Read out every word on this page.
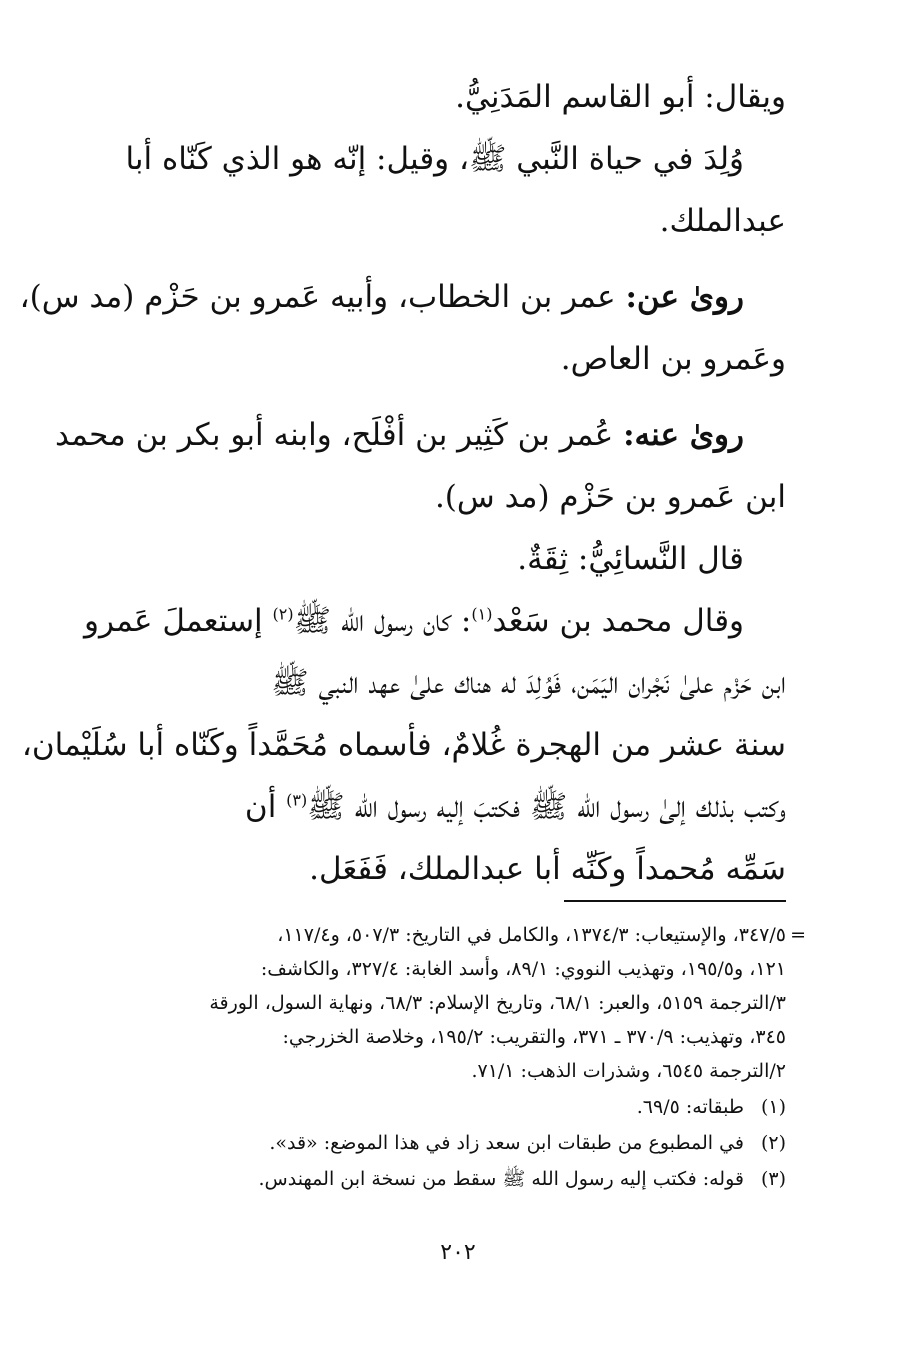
ويقال: أبو القاسم المَدَنِيُّ.
وُلِدَ في حياة النَّبي ﷺ، وقيل: إنّه هو الذي كَنّاه أبا
عبدالملك.
روىٰ عن: عمر بن الخطاب، وأبيه عَمرو بن حَزْم (مد س)،
وعَمرو بن العاص.
روىٰ عنه: عُمر بن كَثِير بن أفْلَح، وابنه أبو بكر بن محمد
ابن عَمرو بن حَزْم (مد س).
قال النَّسائِيُّ: ثِقَةٌ.
وقال محمد بن سَعْد$^{(١)}$: كان رسول الله ﷺ$^{(٢)}$ إستعملَ عَمرو
ابن حَزْم علىٰ نَجْران اليَمَن، فَوُلِدَ له هناك علىٰ عهد النبي ﷺ
سنة عشر من الهجرة غُلامٌ، فأسماه مُحَمَّداً وكَنّاه أبا سُلَيْمان،
وكتب بذلك إلىٰ رسول الله ﷺ فكتبَ إليه رسول الله ﷺ$^{(٣)}$ أن
سَمِّه مُحمداً وكَنِّه أبا عبدالملك، فَفَعَل.
=
٣٤٧/٥، والإستيعاب: ١٣٧٤/٣، والكامل في التاريخ: ٥٠٧/٣، و١١٧/٤،
١٢١، و١٩٥/٥، وتهذيب النووي: ٨٩/١، وأسد الغابة: ٣٢٧/٤، والكاشف:
٣/الترجمة ٥١٥٩، والعبر: ٦٨/١، وتاريخ الإسلام: ٦٨/٣، ونهاية السول، الورقة
٣٤٥، وتهذيب: ٣٧٠/٩ ـ ٣٧١، والتقريب: ١٩٥/٢، وخلاصة الخزرجي:
٢/الترجمة ٦٥٤٥، وشذرات الذهب: ٧١/١.
(١)طبقاته: ٦٩/٥.
(٢)في المطبوع من طبقات ابن سعد زاد في هذا الموضع: «قد».
(٣)قوله: فكتب إليه رسول الله ﷺ سقط من نسخة ابن المهندس.
٢٠٢
